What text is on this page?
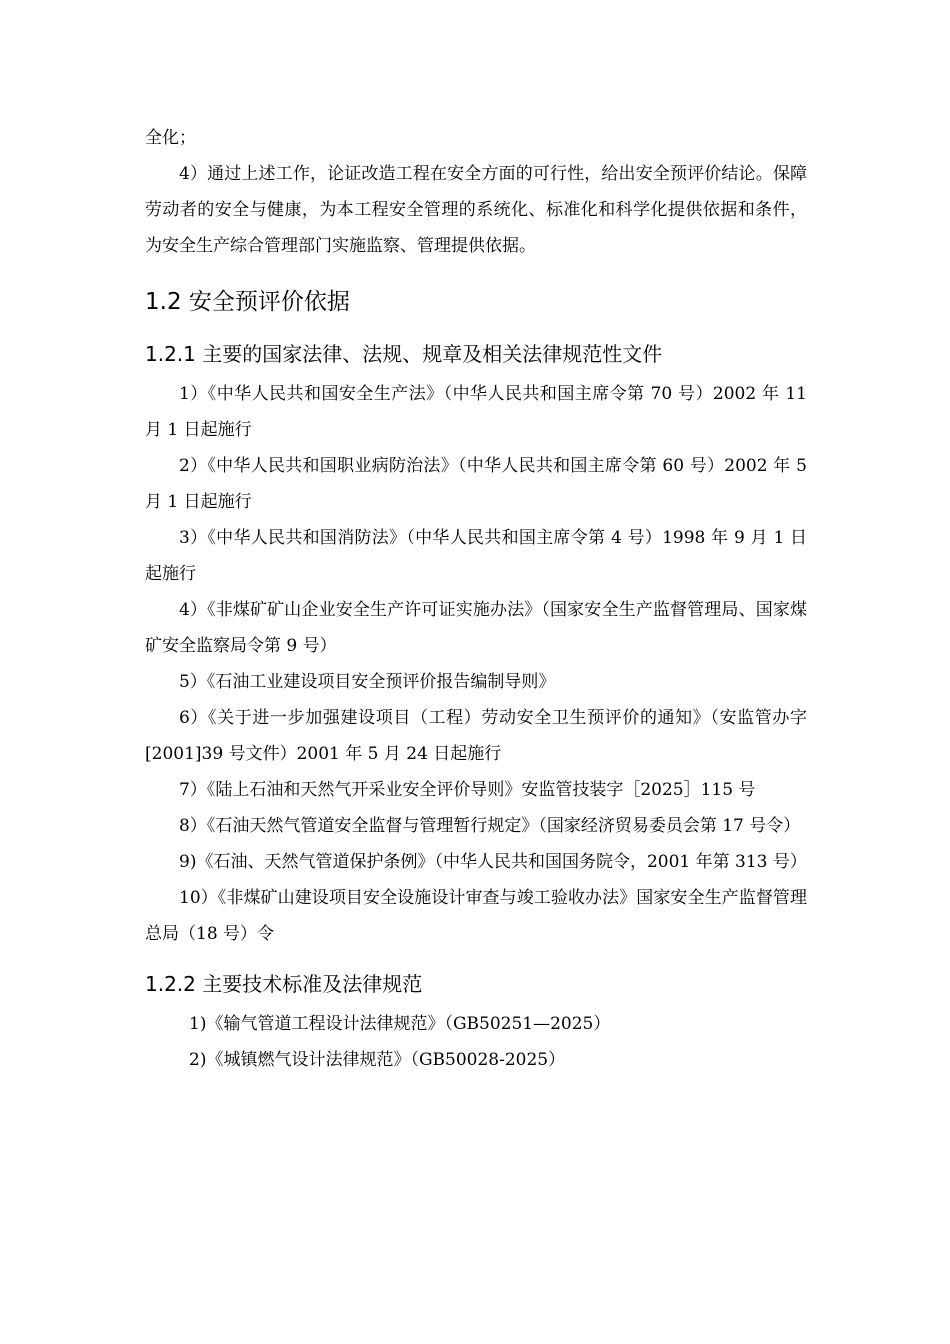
全化；

4）通过上述工作，论证改造工程在安全方面的可行性，给出安全预评价结论。保障劳动者的安全与健康，为本工程安全管理的系统化、标准化和科学化提供依据和条件，为安全生产综合管理部门实施监察、管理提供依据。

1.2 安全预评价依据
1.2.1 主要的国家法律、法规、规章及相关法律规范性文件

1）《中华人民共和国安全生产法》（中华人民共和国主席令第 70 号）2002 年 11 月 1 日起施行

2）《中华人民共和国职业病防治法》（中华人民共和国主席令第 60 号）2002 年 5 月 1 日起施行

3）《中华人民共和国消防法》（中华人民共和国主席令第 4 号）1998 年 9 月 1 日起施行

4）《非煤矿矿山企业安全生产许可证实施办法》（国家安全生产监督管理局、国家煤矿安全监察局令第 9 号）

5）《石油工业建设项目安全预评价报告编制导则》

6）《关于进一步加强建设项目（工程）劳动安全卫生预评价的通知》（安监管办字[2001]39 号文件）2001 年 5 月 24 日起施行

7）《陆上石油和天然气开采业安全评价导则》安监管技装字［2025］115 号

8）《石油天然气管道安全监督与管理暂行规定》（国家经济贸易委员会第 17 号令）

9)《石油、天然气管道保护条例》（中华人民共和国国务院令，2001 年第 313 号）

10）《非煤矿山建设项目安全设施设计审查与竣工验收办法》国家安全生产监督管理总局（18 号）令

1.2.2 主要技术标准及法律规范

1)《输气管道工程设计法律规范》（GB50251—2025）

2)《城镇燃气设计法律规范》（GB50028-2025）
